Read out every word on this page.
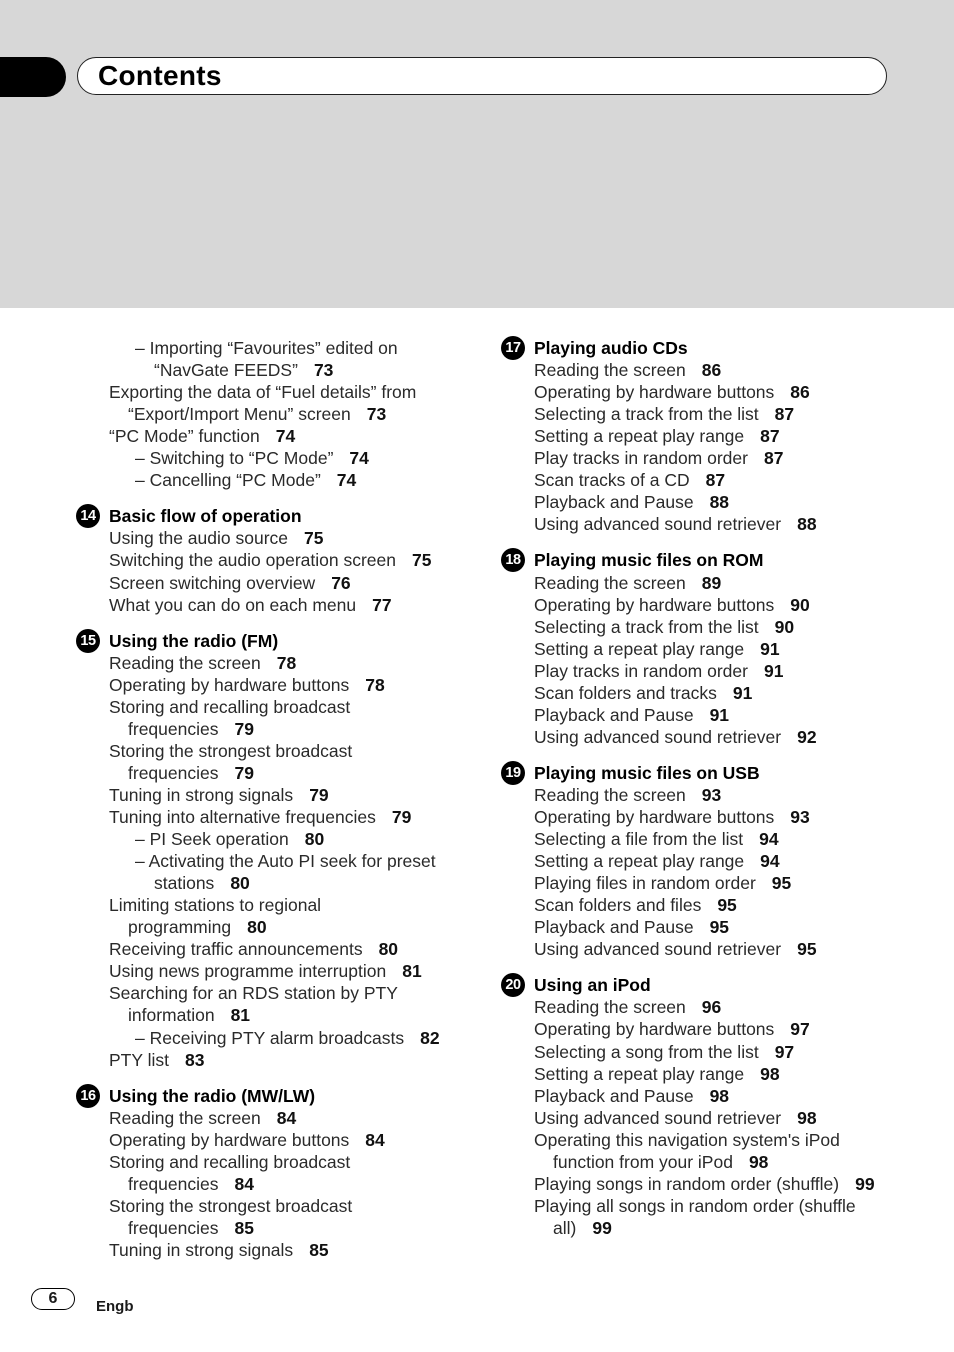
Contents
– Importing “Favourites” edited on
“NavGate FEEDS” 73
Exporting the data of “Fuel details” from
“Export/Import Menu” screen 73
“PC Mode” function 74
– Switching to “PC Mode” 74
– Cancelling “PC Mode” 74
14 Basic flow of operation
Using the audio source 75
Switching the audio operation screen 75
Screen switching overview 76
What you can do on each menu 77
15 Using the radio (FM)
Reading the screen 78
Operating by hardware buttons 78
Storing and recalling broadcast
frequencies 79
Storing the strongest broadcast
frequencies 79
Tuning in strong signals 79
Tuning into alternative frequencies 79
– PI Seek operation 80
– Activating the Auto PI seek for preset
stations 80
Limiting stations to regional
programming 80
Receiving traffic announcements 80
Using news programme interruption 81
Searching for an RDS station by PTY
information 81
– Receiving PTY alarm broadcasts 82
PTY list 83
16 Using the radio (MW/LW)
Reading the screen 84
Operating by hardware buttons 84
Storing and recalling broadcast
frequencies 84
Storing the strongest broadcast
frequencies 85
Tuning in strong signals 85
17 Playing audio CDs
Reading the screen 86
Operating by hardware buttons 86
Selecting a track from the list 87
Setting a repeat play range 87
Play tracks in random order 87
Scan tracks of a CD 87
Playback and Pause 88
Using advanced sound retriever 88
18 Playing music files on ROM
Reading the screen 89
Operating by hardware buttons 90
Selecting a track from the list 90
Setting a repeat play range 91
Play tracks in random order 91
Scan folders and tracks 91
Playback and Pause 91
Using advanced sound retriever 92
19 Playing music files on USB
Reading the screen 93
Operating by hardware buttons 93
Selecting a file from the list 94
Setting a repeat play range 94
Playing files in random order 95
Scan folders and files 95
Playback and Pause 95
Using advanced sound retriever 95
20 Using an iPod
Reading the screen 96
Operating by hardware buttons 97
Selecting a song from the list 97
Setting a repeat play range 98
Playback and Pause 98
Using advanced sound retriever 98
Operating this navigation system's iPod
function from your iPod 98
Playing songs in random order (shuffle) 99
Playing all songs in random order (shuffle
all) 99
6	Engb
